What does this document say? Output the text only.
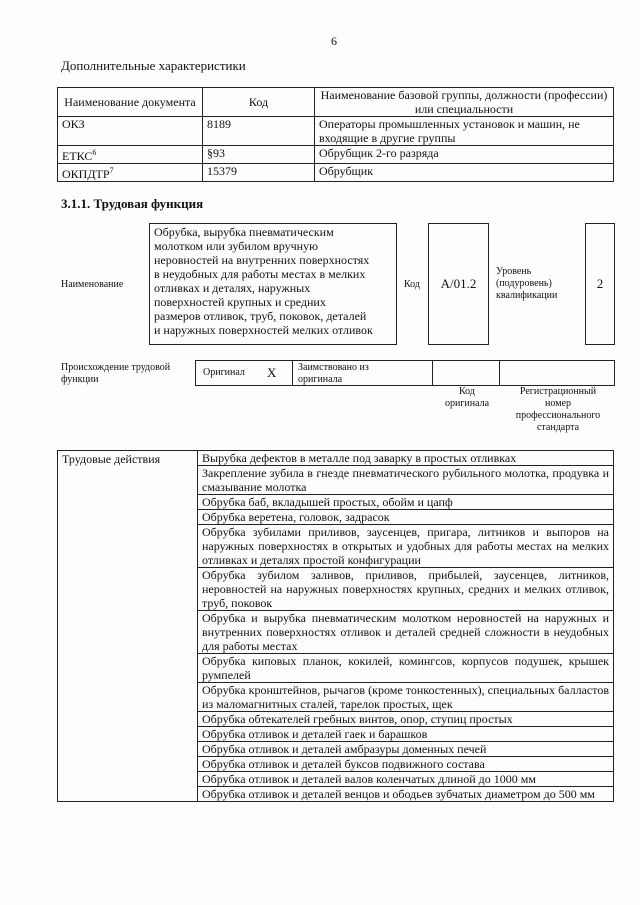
6
Дополнительные характеристики
Наименование документа	Код	Наименование базовой группы, должности (профессии) или специальности
ОКЗ	8189	Операторы промышленных установок и машин, не входящие в другие группы
ЕТКС$^6$	§93	Обрубщик 2-го разряда
ОКПДТР$^7$	15379	Обрубщик
3.1.1. Трудовая функция
Наименование
Обрубка, вырубка пневматическим
молотком или зубилом вручную
неровностей на внутренних поверхностях
в неудобных для работы местах в мелких
отливках и деталях, наружных
поверхностей крупных и средних
размеров отливок, труб, поковок, деталей
и наружных поверхностей мелких отливок
Код A/01.2
Уровень
(подуровень)
квалификации
2
Происхождение трудовой
функции
Оригинал X Заимствовано из
оригинала
Код
оригинала
Регистрационный
номер
профессионального
стандарта
Трудовые действия	Вырубка дефектов в металле под заварку в простых отливках
Закрепление зубила в гнезде пневматического рубильного молотка, продувка и смазывание молотка
Обрубка баб, вкладышей простых, обойм и цапф
Обрубка веретена, головок, задрасок
Обрубка зубилами приливов, заусенцев, пригара, литников и выпоров на наружных поверхностях в открытых и удобных для работы местах на мелких отливках и деталях простой конфигурации
Обрубка зубилом заливов, приливов, прибылей, заусенцев, литников, неровностей на наружных поверхностях крупных, средних и мелких отливок, труб, поковок
Обрубка и вырубка пневматическим молотком неровностей на наружных и внутренних поверхностях отливок и деталей средней сложности в неудобных для работы местах
Обрубка киповых планок, кокилей, комингсов, корпусов подушек, крышек румпелей
Обрубка кронштейнов, рычагов (кроме тонкостенных), специальных балластов из маломагнитных сталей, тарелок простых, щек
Обрубка обтекателей гребных винтов, опор, ступиц простых
Обрубка отливок и деталей гаек и барашков
Обрубка отливок и деталей амбразуры доменных печей
Обрубка отливок и деталей буксов подвижного состава
Обрубка отливок и деталей валов коленчатых длиной до 1000 мм
Обрубка отливок и деталей венцов и ободьев зубчатых диаметром до 500 мм
